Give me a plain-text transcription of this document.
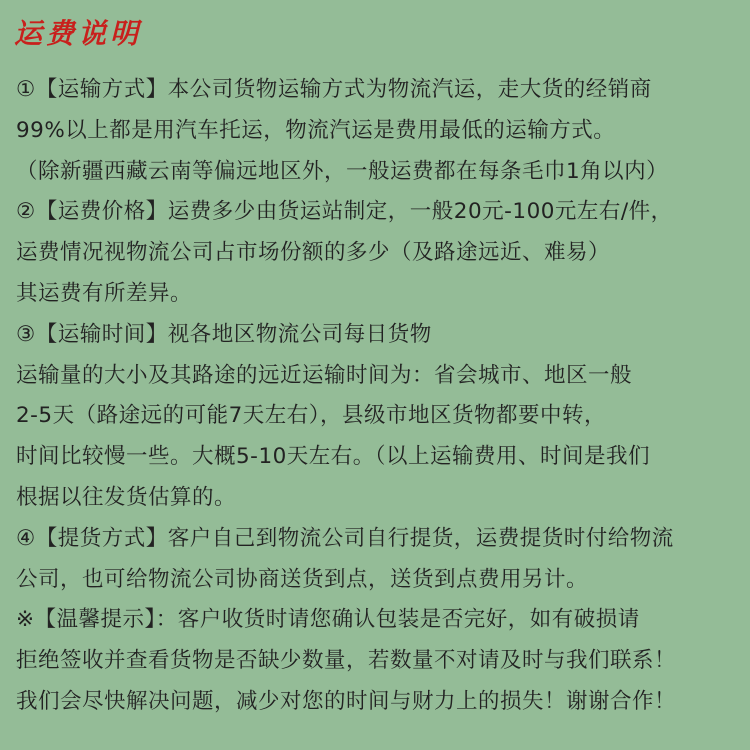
运费说明
①【运输方式】本公司货物运输方式为物流汽运，走大货的经销商
99%以上都是用汽车托运，物流汽运是费用最低的运输方式。
（除新疆西藏云南等偏远地区外，一般运费都在每条毛巾1角以内）
②【运费价格】运费多少由货运站制定，一般20元-100元左右/件，
运费情况视物流公司占市场份额的多少（及路途远近、难易）
其运费有所差异。
③【运输时间】视各地区物流公司每日货物
运输量的大小及其路途的远近运输时间为：省会城市、地区一般
2-5天（路途远的可能7天左右），县级市地区货物都要中转，
时间比较慢一些。大概5-10天左右。（以上运输费用、时间是我们
根据以往发货估算的。
④【提货方式】客户自己到物流公司自行提货，运费提货时付给物流
公司，也可给物流公司协商送货到点，送货到点费用另计。
※【温馨提示】：客户收货时请您确认包装是否完好，如有破损请
拒绝签收并查看货物是否缺少数量，若数量不对请及时与我们联系！
我们会尽快解决问题，减少对您的时间与财力上的损失！谢谢合作！
